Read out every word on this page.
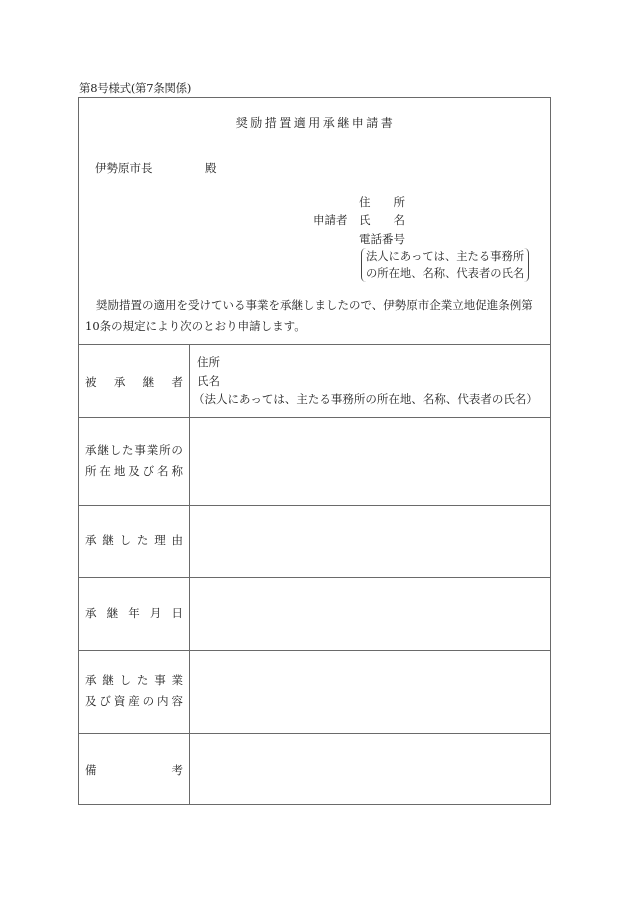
第8号様式(第7条関係)
奨励措置適用承継申請書
伊勢原市長	殿
住　　所
申請者 氏　　名
電話番号
法人にあっては、主たる事務所
の所在地、名称、代表者の氏名
奨励措置の適用を受けている事業を承継しましたので、伊勢原市企業立地促進条例第10条の規定により次のとおり申請します。
被 承 継 者
住所
氏名
（法人にあっては、主たる事務所の所在地、名称、代表者の氏名）
承 継 し た 事 業 所 の
所 在 地 及 び 名 称
承 継 し た 理 由
承 継 年 月 日
承 継 し た 事 業
及 び 資 産 の 内 容
備	考
